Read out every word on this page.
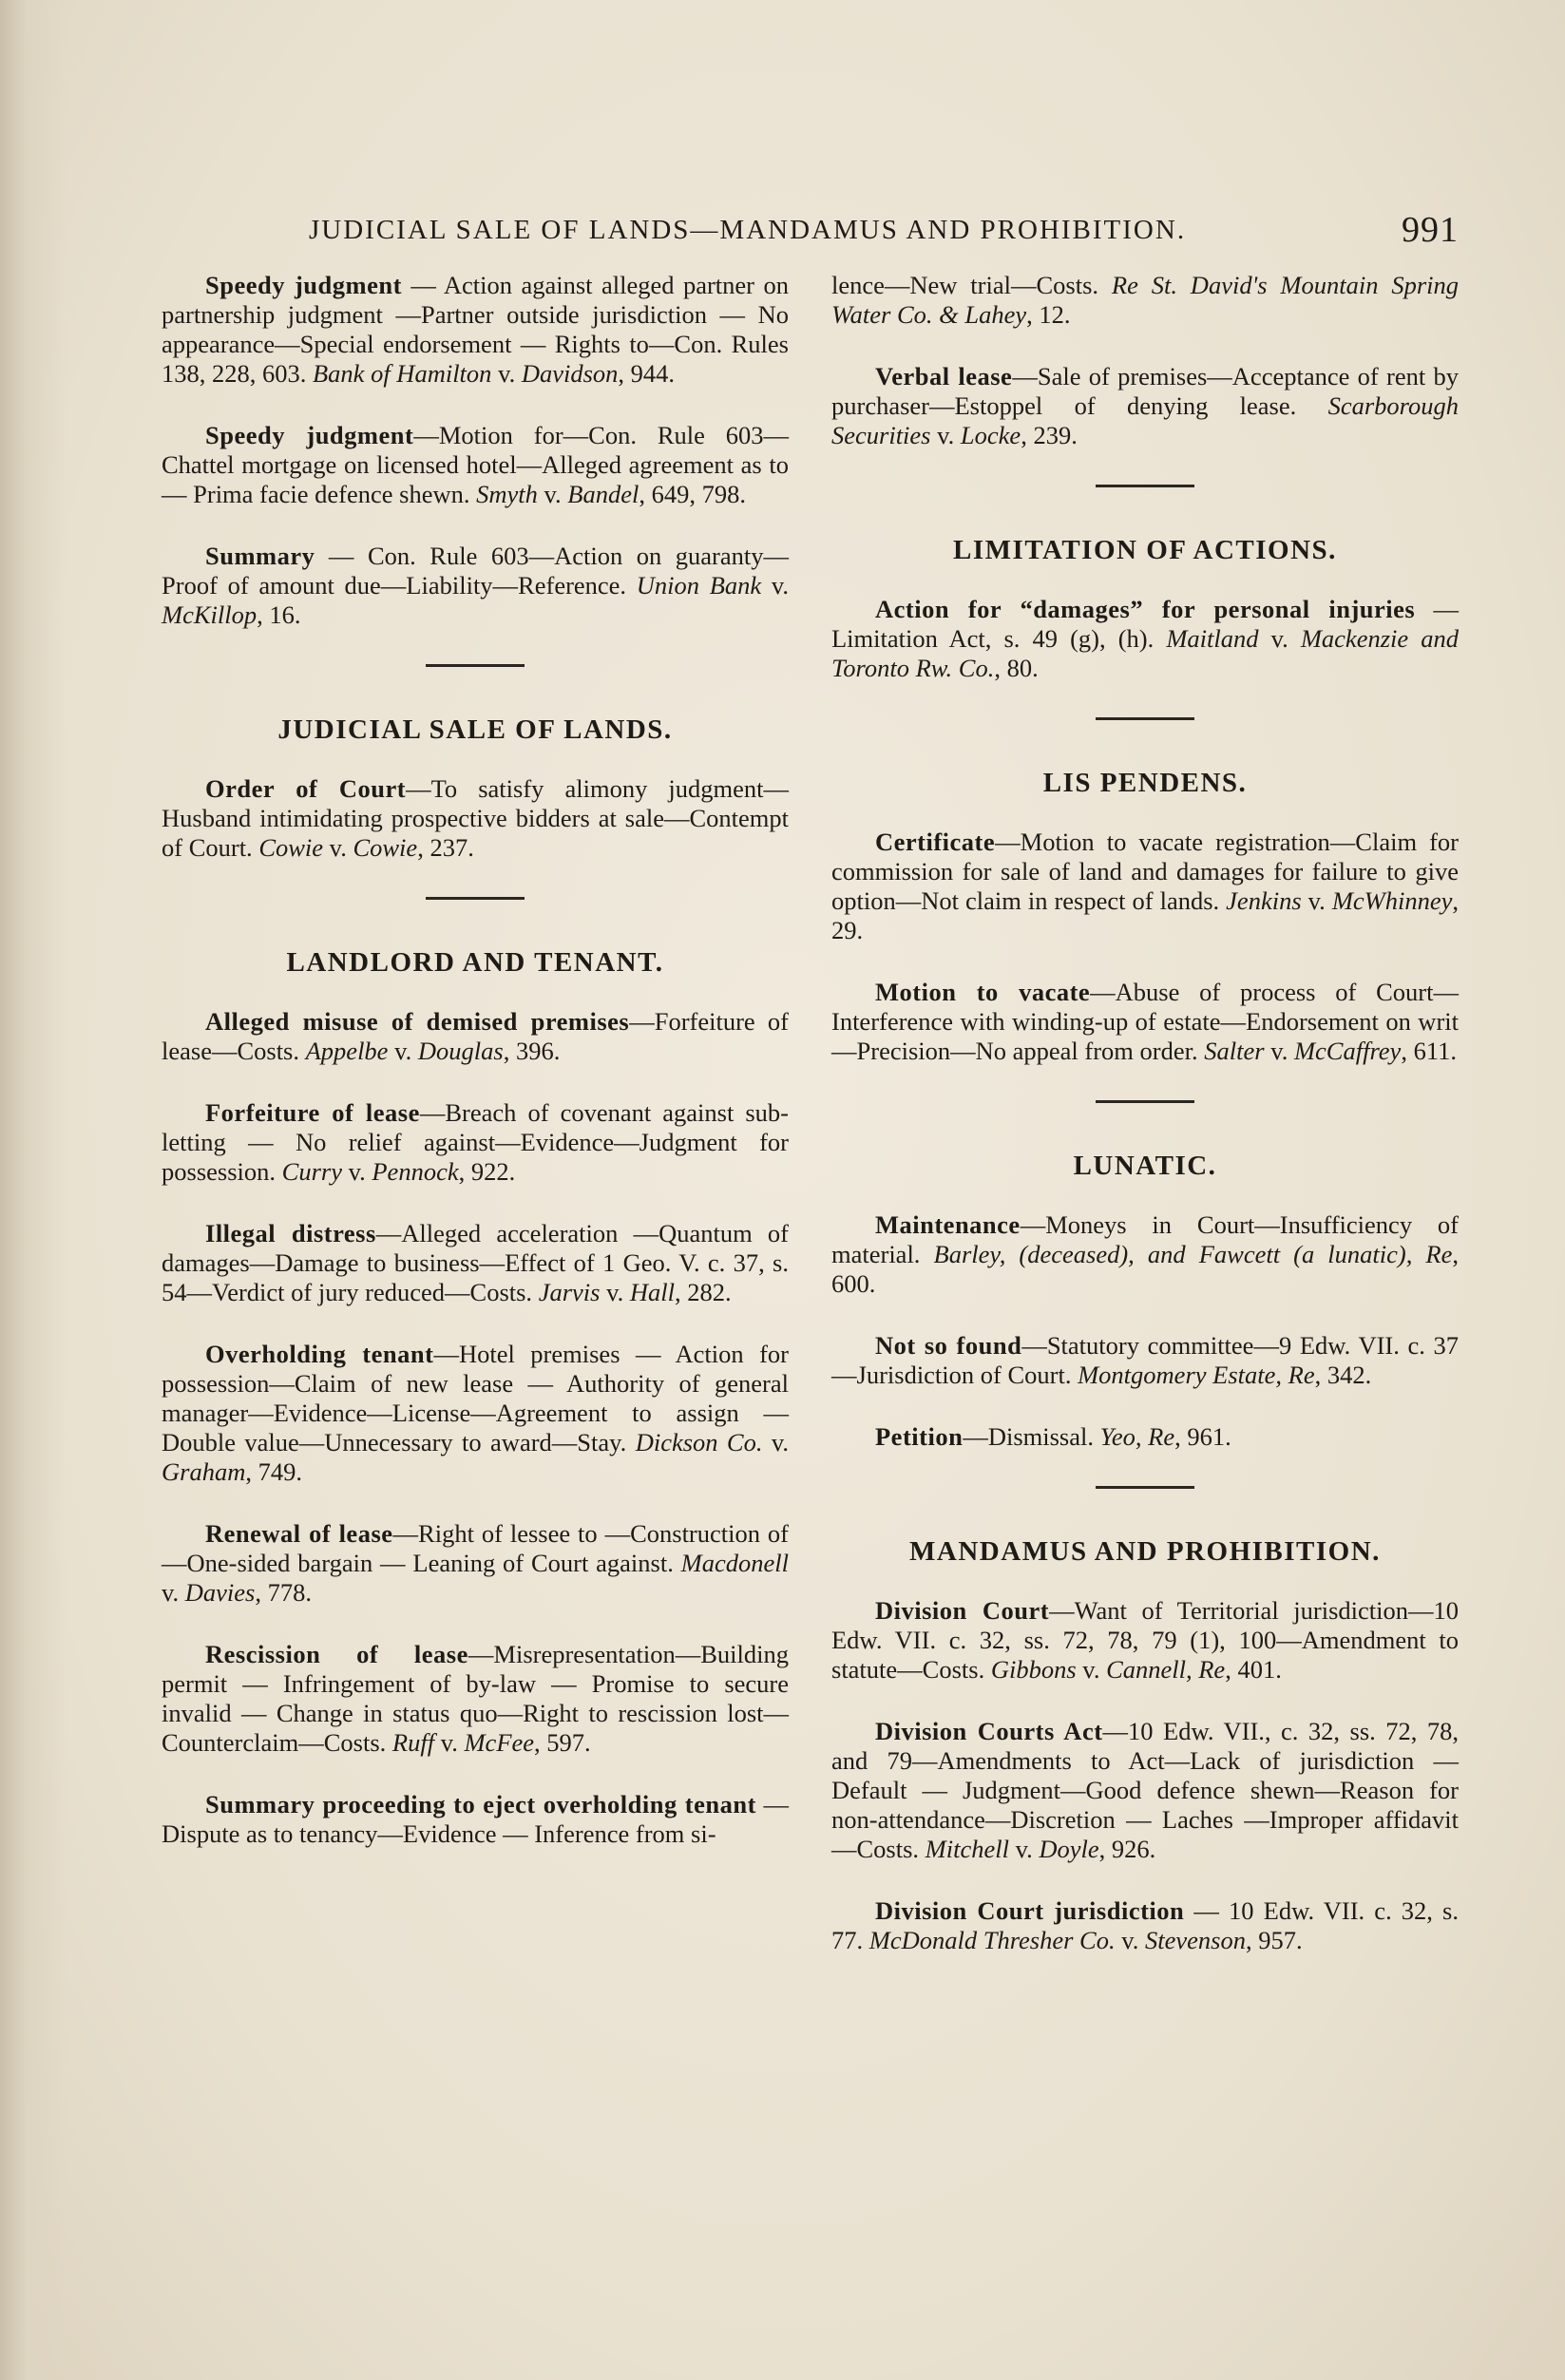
JUDICIAL SALE OF LANDS—MANDAMUS AND PROHIBITION.	991

Speedy judgment — Action against alleged partner on partnership judgment —Partner outside jurisdiction — No appearance—Special endorsement — Rights to—Con. Rules 138, 228, 603. Bank of Hamilton v. Davidson, 944.

Speedy judgment—Motion for—Con. Rule 603—Chattel mortgage on licensed hotel—Alleged agreement as to — Prima facie defence shewn. Smyth v. Bandel, 649, 798.

Summary — Con. Rule 603—Action on guaranty—Proof of amount due—Liability—Reference. Union Bank v. McKillop, 16.

JUDICIAL SALE OF LANDS.

Order of Court—To satisfy alimony judgment—Husband intimidating prospective bidders at sale—Contempt of Court. Cowie v. Cowie, 237.

LANDLORD AND TENANT.

Alleged misuse of demised premises—Forfeiture of lease—Costs. Appelbe v. Douglas, 396.

Forfeiture of lease—Breach of covenant against sub-letting — No relief against—Evidence—Judgment for possession. Curry v. Pennock, 922.

Illegal distress—Alleged acceleration —Quantum of damages—Damage to business—Effect of 1 Geo. V. c. 37, s. 54—Verdict of jury reduced—Costs. Jarvis v. Hall, 282.

Overholding tenant—Hotel premises — Action for possession—Claim of new lease — Authority of general manager—Evidence—License—Agreement to assign —Double value—Unnecessary to award—Stay. Dickson Co. v. Graham, 749.

Renewal of lease—Right of lessee to —Construction of—One-sided bargain — Leaning of Court against. Macdonell v. Davies, 778.

Rescission of lease—Misrepresentation—Building permit — Infringement of by-law — Promise to secure invalid — Change in status quo—Right to rescission lost—Counterclaim—Costs. Ruff v. McFee, 597.

Summary proceeding to eject overholding tenant — Dispute as to tenancy—Evidence — Inference from si-

lence—New trial—Costs. Re St. David's Mountain Spring Water Co. & Lahey, 12.

Verbal lease—Sale of premises—Acceptance of rent by purchaser—Estoppel of denying lease. Scarborough Securities v. Locke, 239.

LIMITATION OF ACTIONS.

Action for “damages” for personal injuries — Limitation Act, s. 49 (g), (h). Maitland v. Mackenzie and Toronto Rw. Co., 80.

LIS PENDENS.

Certificate—Motion to vacate registration—Claim for commission for sale of land and damages for failure to give option—Not claim in respect of lands. Jenkins v. McWhinney, 29.

Motion to vacate—Abuse of process of Court—Interference with winding-up of estate—Endorsement on writ—Precision—No appeal from order. Salter v. McCaffrey, 611.

LUNATIC.

Maintenance—Moneys in Court—Insufficiency of material. Barley, (deceased), and Fawcett (a lunatic), Re, 600.

Not so found—Statutory committee—9 Edw. VII. c. 37—Jurisdiction of Court. Montgomery Estate, Re, 342.

Petition—Dismissal. Yeo, Re, 961.

MANDAMUS AND PROHIBITION.

Division Court—Want of Territorial jurisdiction—10 Edw. VII. c. 32, ss. 72, 78, 79 (1), 100—Amendment to statute—Costs. Gibbons v. Cannell, Re, 401.

Division Courts Act—10 Edw. VII., c. 32, ss. 72, 78, and 79—Amendments to Act—Lack of jurisdiction — Default — Judgment—Good defence shewn—Reason for non-attendance—Discretion — Laches —Improper affidavit—Costs. Mitchell v. Doyle, 926.

Division Court jurisdiction — 10 Edw. VII. c. 32, s. 77. McDonald Thresher Co. v. Stevenson, 957.
